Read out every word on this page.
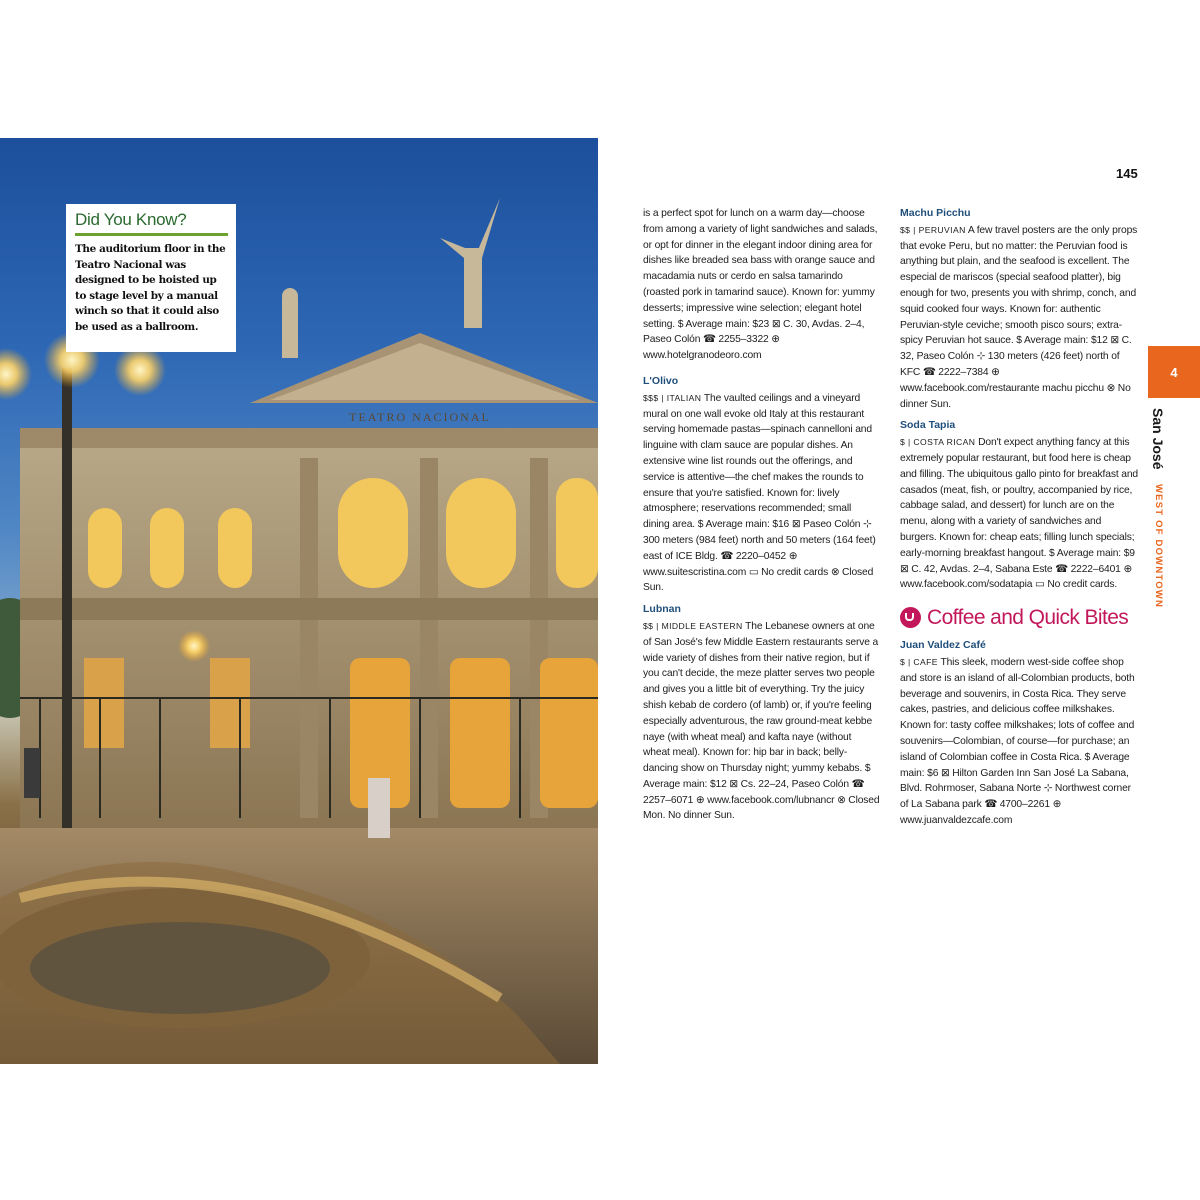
TEATRO NACIONAL
Did You Know?
The auditorium floor in the Teatro Nacional was designed to be hoisted up to stage level by a manual winch so that it could also be used as a ballroom.
145
4
San José WEST OF DOWNTOWN

is a perfect spot for lunch on a warm day—choose from among a variety of light sandwiches and salads, or opt for dinner in the elegant indoor dining area for dishes like breaded sea bass with orange sauce and macadamia nuts or cerdo en salsa tamarindo (roasted pork in tamarind sauce). Known for: yummy desserts; impressive wine selection; elegant hotel setting. $ Average main: $23 ⊠ C. 30, Avdas. 2–4, Paseo Colón ☎ 2255–3322 ⊕ www.hotelgranodeoro.com

L'Olivo

$$$ | ITALIAN The vaulted ceilings and a vineyard mural on one wall evoke old Italy at this restaurant serving homemade pastas—spinach cannelloni and linguine with clam sauce are popular dishes. An extensive wine list rounds out the offerings, and service is attentive—the chef makes the rounds to ensure that you're satisfied. Known for: lively atmosphere; reservations recommended; small dining area. $ Average main: $16 ⊠ Paseo Colón ⊹ 300 meters (984 feet) north and 50 meters (164 feet) east of ICE Bldg. ☎ 2220–0452 ⊕ www.suitescristina.com ▭ No credit cards ⊗ Closed Sun.

Lubnan

$$ | MIDDLE EASTERN The Lebanese owners at one of San José's few Middle Eastern restaurants serve a wide variety of dishes from their native region, but if you can't decide, the meze platter serves two people and gives you a little bit of everything. Try the juicy shish kebab de cordero (of lamb) or, if you're feeling especially adventurous, the raw ground-meat kebbe naye (with wheat meal) and kafta naye (without wheat meal). Known for: hip bar in back; belly-dancing show on Thursday night; yummy kebabs. $ Average main: $12 ⊠ Cs. 22–24, Paseo Colón ☎ 2257–6071 ⊕ www.facebook.com/lubnancr ⊗ Closed Mon. No dinner Sun.

Machu Picchu

$$ | PERUVIAN A few travel posters are the only props that evoke Peru, but no matter: the Peruvian food is anything but plain, and the seafood is excellent. The especial de mariscos (special seafood platter), big enough for two, presents you with shrimp, conch, and squid cooked four ways. Known for: authentic Peruvian-style ceviche; smooth pisco sours; extra-spicy Peruvian hot sauce. $ Average main: $12 ⊠ C. 32, Paseo Colón ⊹ 130 meters (426 feet) north of KFC ☎ 2222–7384 ⊕ www.facebook.com/restaurante machu picchu ⊗ No dinner Sun.

Soda Tapia

$ | COSTA RICAN Don't expect anything fancy at this extremely popular restaurant, but food here is cheap and filling. The ubiquitous gallo pinto for breakfast and casados (meat, fish, or poultry, accompanied by rice, cabbage salad, and dessert) for lunch are on the menu, along with a variety of sandwiches and burgers. Known for: cheap eats; filling lunch specials; early-morning breakfast hangout. $ Average main: $9 ⊠ C. 42, Avdas. 2–4, Sabana Este ☎ 2222–6401 ⊕ www.facebook.com/sodatapia ▭ No credit cards.

Coffee and Quick Bites
Juan Valdez Café

$ | CAFE This sleek, modern west-side coffee shop and store is an island of all-Colombian products, both beverage and souvenirs, in Costa Rica. They serve cakes, pastries, and delicious coffee milkshakes. Known for: tasty coffee milkshakes; lots of coffee and souvenirs—Colombian, of course—for purchase; an island of Colombian coffee in Costa Rica. $ Average main: $6 ⊠ Hilton Garden Inn San José La Sabana, Blvd. Rohrmoser, Sabana Norte ⊹ Northwest corner of La Sabana park ☎ 4700–2261 ⊕ www.juanvaldezcafe.com
